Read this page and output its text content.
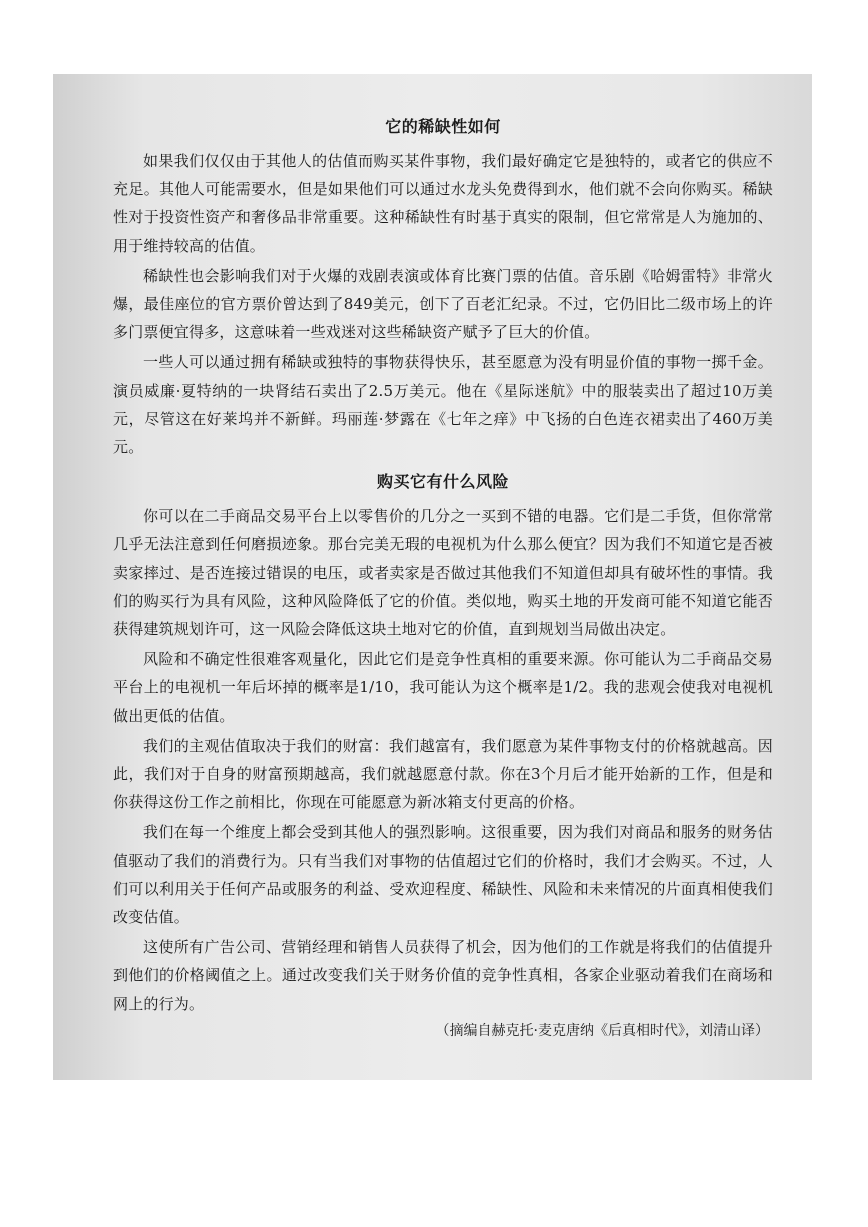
它的稀缺性如何

如果我们仅仅由于其他人的估值而购买某件事物，我们最好确定它是独特的，或者它的供应不充足。其他人可能需要水，但是如果他们可以通过水龙头免费得到水，他们就不会向你购买。稀缺性对于投资性资产和奢侈品非常重要。这种稀缺性有时基于真实的限制，但它常常是人为施加的、用于维持较高的估值。

稀缺性也会影响我们对于火爆的戏剧表演或体育比赛门票的估值。音乐剧《哈姆雷特》非常火爆，最佳座位的官方票价曾达到了849美元，创下了百老汇纪录。不过，它仍旧比二级市场上的许多门票便宜得多，这意味着一些戏迷对这些稀缺资产赋予了巨大的价值。

一些人可以通过拥有稀缺或独特的事物获得快乐，甚至愿意为没有明显价值的事物一掷千金。演员威廉·夏特纳的一块肾结石卖出了2.5万美元。他在《星际迷航》中的服装卖出了超过10万美元，尽管这在好莱坞并不新鲜。玛丽莲·梦露在《七年之痒》中飞扬的白色连衣裙卖出了460万美元。

购买它有什么风险

你可以在二手商品交易平台上以零售价的几分之一买到不错的电器。它们是二手货，但你常常几乎无法注意到任何磨损迹象。那台完美无瑕的电视机为什么那么便宜？因为我们不知道它是否被卖家摔过、是否连接过错误的电压，或者卖家是否做过其他我们不知道但却具有破坏性的事情。我们的购买行为具有风险，这种风险降低了它的价值。类似地，购买土地的开发商可能不知道它能否获得建筑规划许可，这一风险会降低这块土地对它的价值，直到规划当局做出决定。

风险和不确定性很难客观量化，因此它们是竞争性真相的重要来源。你可能认为二手商品交易平台上的电视机一年后坏掉的概率是1/10，我可能认为这个概率是1/2。我的悲观会使我对电视机做出更低的估值。

我们的主观估值取决于我们的财富：我们越富有，我们愿意为某件事物支付的价格就越高。因此，我们对于自身的财富预期越高，我们就越愿意付款。你在3个月后才能开始新的工作，但是和你获得这份工作之前相比，你现在可能愿意为新冰箱支付更高的价格。

我们在每一个维度上都会受到其他人的强烈影响。这很重要，因为我们对商品和服务的财务估值驱动了我们的消费行为。只有当我们对事物的估值超过它们的价格时，我们才会购买。不过，人们可以利用关于任何产品或服务的利益、受欢迎程度、稀缺性、风险和未来情况的片面真相使我们改变估值。

这使所有广告公司、营销经理和销售人员获得了机会，因为他们的工作就是将我们的估值提升到他们的价格阈值之上。通过改变我们关于财务价值的竞争性真相，各家企业驱动着我们在商场和网上的行为。

（摘编自赫克托·麦克唐纳《后真相时代》，刘清山译）
